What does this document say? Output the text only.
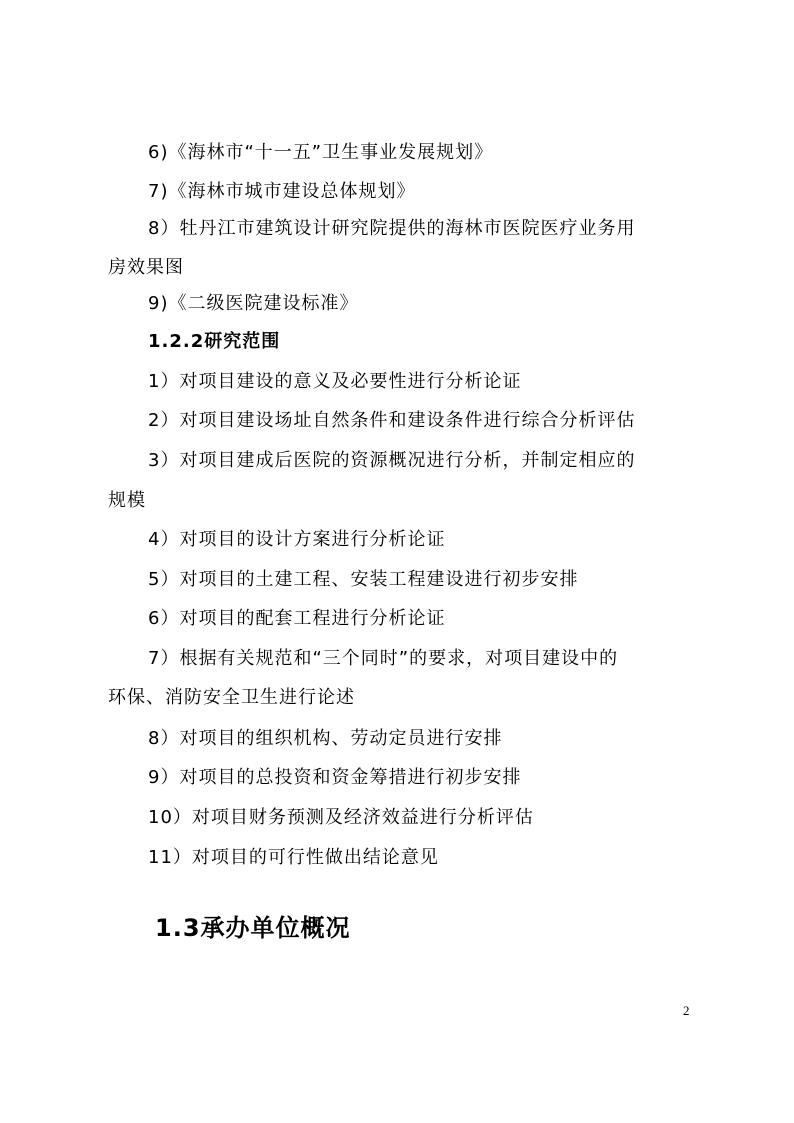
6)《海林市“十一五”卫生事业发展规划》
7)《海林市城市建设总体规划》
8）牡丹江市建筑设计研究院提供的海林市医院医疗业务用
房效果图
9)《二级医院建设标准》
1.2.2研究范围
1）对项目建设的意义及必要性进行分析论证
2）对项目建设场址自然条件和建设条件进行综合分析评估
3）对项目建成后医院的资源概况进行分析，并制定相应的
规模
4）对项目的设计方案进行分析论证
5）对项目的土建工程、安装工程建设进行初步安排
6）对项目的配套工程进行分析论证
7）根据有关规范和“三个同时”的要求，对项目建设中的
环保、消防安全卫生进行论述
8）对项目的组织机构、劳动定员进行安排
9）对项目的总投资和资金筹措进行初步安排
10）对项目财务预测及经济效益进行分析评估
11）对项目的可行性做出结论意见
1.3承办单位概况
2
